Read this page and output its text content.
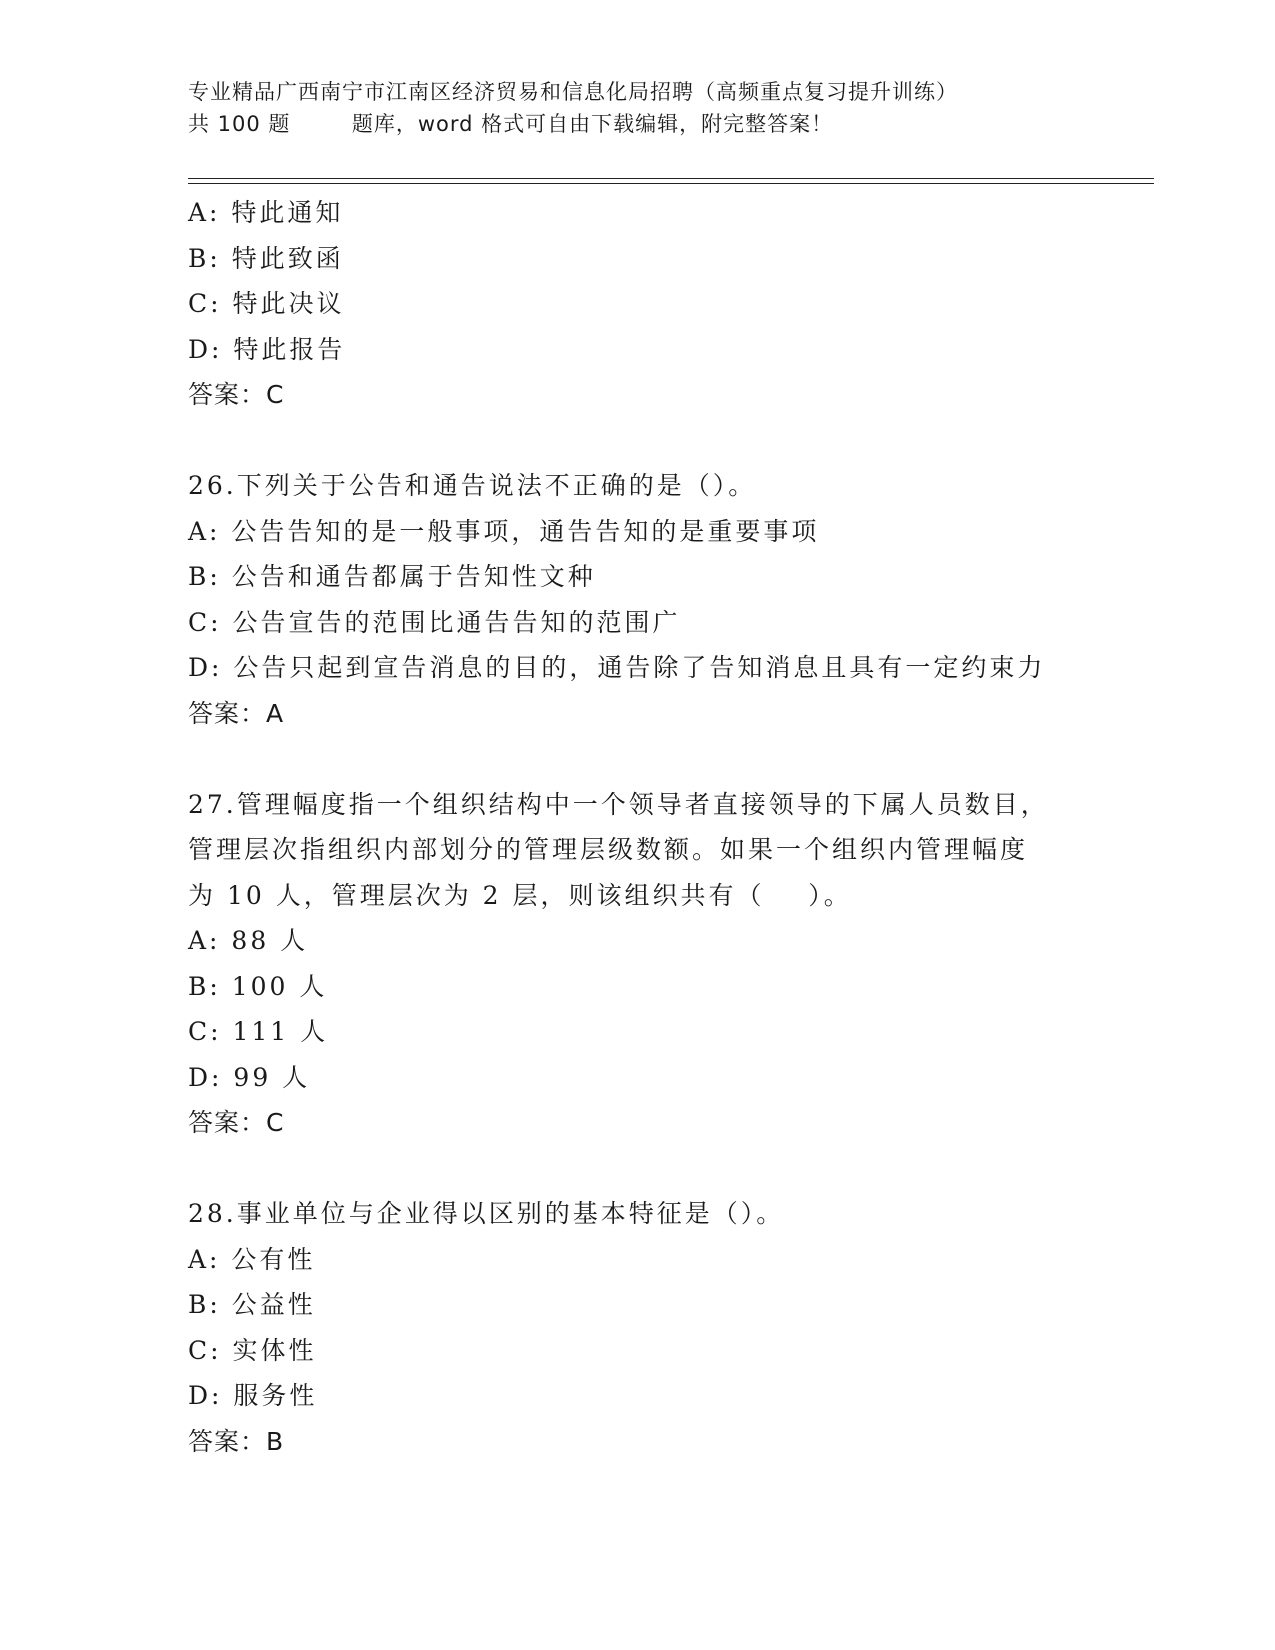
专业精品广西南宁市江南区经济贸易和信息化局招聘（高频重点复习提升训练）
共 100 题        题库，word 格式可自由下载编辑，附完整答案！
A: 特此通知
B: 特此致函
C: 特此决议
D: 特此报告
答案：C
26.下列关于公告和通告说法不正确的是（）。
A: 公告告知的是一般事项，通告告知的是重要事项
B: 公告和通告都属于告知性文种
C: 公告宣告的范围比通告告知的范围广
D: 公告只起到宣告消息的目的，通告除了告知消息且具有一定约束力
答案：A
27.管理幅度指一个组织结构中一个领导者直接领导的下属人员数目，
管理层次指组织内部划分的管理层级数额。如果一个组织内管理幅度
为 10 人，管理层次为 2 层，则该组织共有（    ）。
A: 88 人
B: 100 人
C: 111 人
D: 99 人
答案：C
28.事业单位与企业得以区别的基本特征是（）。
A: 公有性
B: 公益性
C: 实体性
D: 服务性
答案：B
